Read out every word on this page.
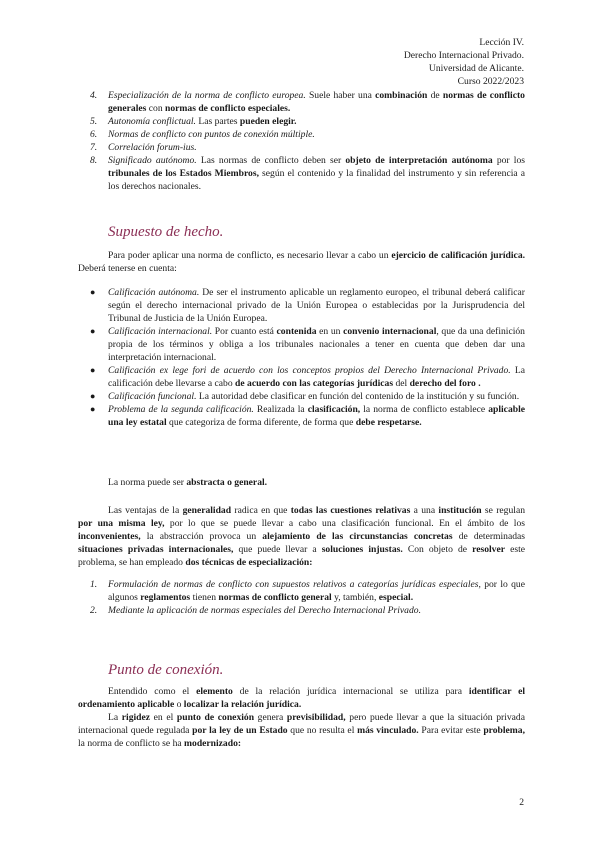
Lección IV.
Derecho Internacional Privado.
Universidad de Alicante.
Curso 2022/2023
4. Especialización de la norma de conflicto europea. Suele haber una combinación de normas de conflicto generales con normas de conflicto especiales.
5. Autonomía conflictual. Las partes pueden elegir.
6. Normas de conflicto con puntos de conexión múltiple.
7. Correlación forum-ius.
8. Significado autónomo. Las normas de conflicto deben ser objeto de interpretación autónoma por los tribunales de los Estados Miembros, según el contenido y la finalidad del instrumento y sin referencia a los derechos nacionales.
Supuesto de hecho.

Para poder aplicar una norma de conflicto, es necesario llevar a cabo un ejercicio de calificación jurídica. Deberá tenerse en cuenta:

● Calificación autónoma. De ser el instrumento aplicable un reglamento europeo, el tribunal deberá calificar según el derecho internacional privado de la Unión Europea o establecidas por la Jurisprudencia del Tribunal de Justicia de la Unión Europea.
● Calificación internacional. Por cuanto está contenida en un convenio internacional, que da una definición propia de los términos y obliga a los tribunales nacionales a tener en cuenta que deben dar una interpretación internacional.
● Calificación ex lege fori de acuerdo con los conceptos propios del Derecho Internacional Privado. La calificación debe llevarse a cabo de acuerdo con las categorías jurídicas del derecho del foro .
● Calificación funcional. La autoridad debe clasificar en función del contenido de la institución y su función.
● Problema de la segunda calificación. Realizada la clasificación, la norma de conflicto establece aplicable una ley estatal que categoriza de forma diferente, de forma que debe respetarse.

La norma puede ser abstracta o general.

Las ventajas de la generalidad radica en que todas las cuestiones relativas a una institución se regulan por una misma ley, por lo que se puede llevar a cabo una clasificación funcional. En el ámbito de los inconvenientes, la abstracción provoca un alejamiento de las circunstancias concretas de determinadas situaciones privadas internacionales, que puede llevar a soluciones injustas. Con objeto de resolver este problema, se han empleado dos técnicas de especialización:

1. Formulación de normas de conflicto con supuestos relativos a categorías jurídicas especiales, por lo que algunos reglamentos tienen normas de conflicto general y, también, especial.
2. Mediante la aplicación de normas especiales del Derecho Internacional Privado.
Punto de conexión.

Entendido como el elemento de la relación jurídica internacional se utiliza para identificar el ordenamiento aplicable o localizar la relación jurídica.

La rigidez en el punto de conexión genera previsibilidad, pero puede llevar a que la situación privada internacional quede regulada por la ley de un Estado que no resulta el más vinculado. Para evitar este problema, la norma de conflicto se ha modernizado:

2
